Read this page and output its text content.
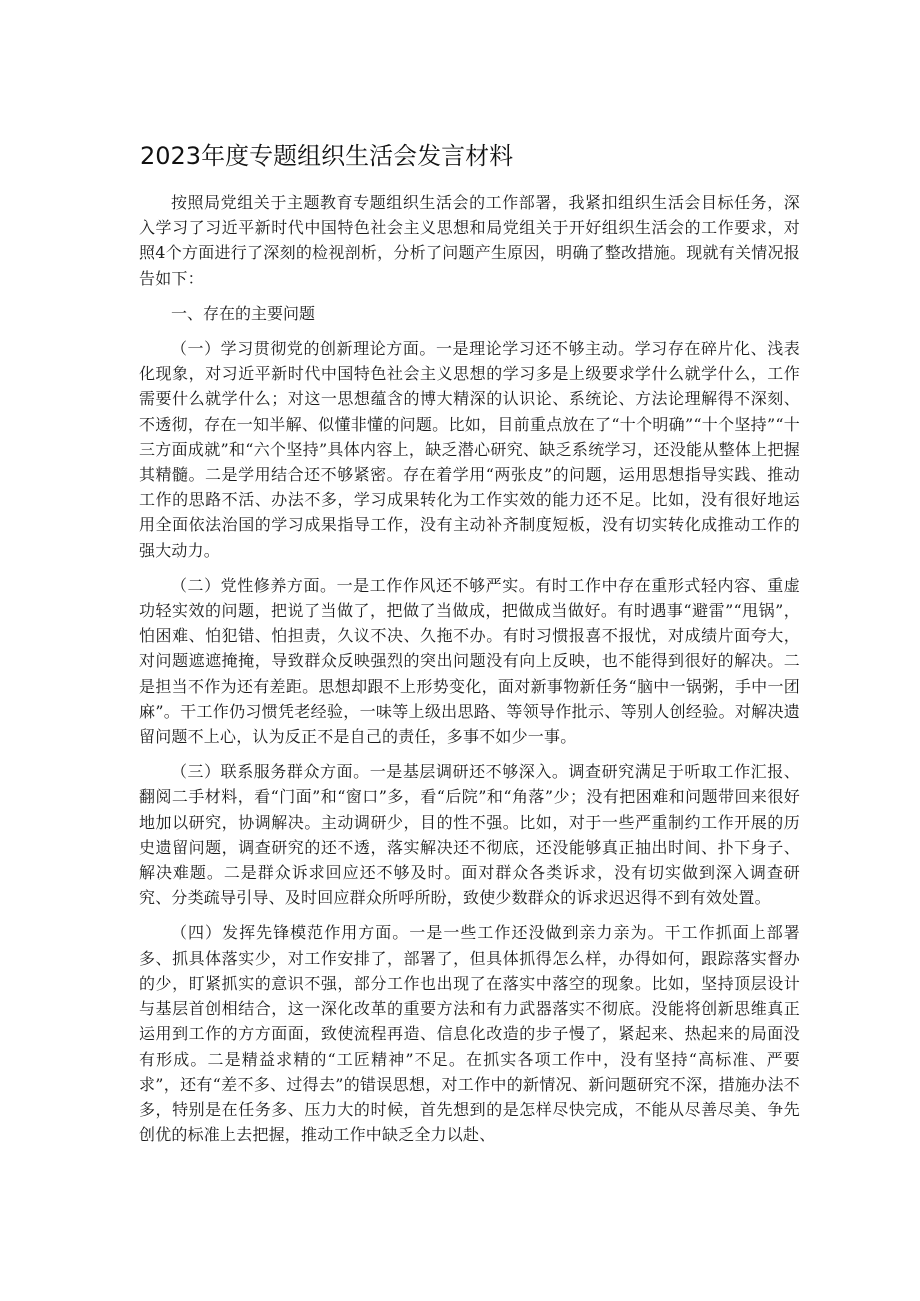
2023年度专题组织生活会发言材料

按照局党组关于主题教育专题组织生活会的工作部署，我紧扣组织生活会目标任务，深入学习了习近平新时代中国特色社会主义思想和局党组关于开好组织生活会的工作要求，对照4个方面进行了深刻的检视剖析，分析了问题产生原因，明确了整改措施。现就有关情况报告如下：

一、存在的主要问题

（一）学习贯彻党的创新理论方面。一是理论学习还不够主动。学习存在碎片化、浅表化现象，对习近平新时代中国特色社会主义思想的学习多是上级要求学什么就学什么，工作需要什么就学什么；对这一思想蕴含的博大精深的认识论、系统论、方法论理解得不深刻、不透彻，存在一知半解、似懂非懂的问题。比如，目前重点放在了“十个明确”“十个坚持”“十三方面成就”和“六个坚持”具体内容上，缺乏潜心研究、缺乏系统学习，还没能从整体上把握其精髓。二是学用结合还不够紧密。存在着学用“两张皮”的问题，运用思想指导实践、推动工作的思路不活、办法不多，学习成果转化为工作实效的能力还不足。比如，没有很好地运用全面依法治国的学习成果指导工作，没有主动补齐制度短板，没有切实转化成推动工作的强大动力。

（二）党性修养方面。一是工作作风还不够严实。有时工作中存在重形式轻内容、重虚功轻实效的问题，把说了当做了，把做了当做成，把做成当做好。有时遇事“避雷”“甩锅”，怕困难、怕犯错、怕担责，久议不决、久拖不办。有时习惯报喜不报忧，对成绩片面夸大，对问题遮遮掩掩，导致群众反映强烈的突出问题没有向上反映，也不能得到很好的解决。二是担当不作为还有差距。思想却跟不上形势变化，面对新事物新任务“脑中一锅粥，手中一团麻”。干工作仍习惯凭老经验，一味等上级出思路、等领导作批示、等别人创经验。对解决遗留问题不上心，认为反正不是自己的责任，多事不如少一事。

（三）联系服务群众方面。一是基层调研还不够深入。调查研究满足于听取工作汇报、翻阅二手材料，看“门面”和“窗口”多，看“后院”和“角落”少；没有把困难和问题带回来很好地加以研究，协调解决。主动调研少，目的性不强。比如，对于一些严重制约工作开展的历史遗留问题，调查研究的还不透，落实解决还不彻底，还没能够真正抽出时间、扑下身子、解决难题。二是群众诉求回应还不够及时。面对群众各类诉求，没有切实做到深入调查研究、分类疏导引导、及时回应群众所呼所盼，致使少数群众的诉求迟迟得不到有效处置。

（四）发挥先锋模范作用方面。一是一些工作还没做到亲力亲为。干工作抓面上部署多、抓具体落实少，对工作安排了，部署了，但具体抓得怎么样，办得如何，跟踪落实督办的少，盯紧抓实的意识不强，部分工作也出现了在落实中落空的现象。比如，坚持顶层设计与基层首创相结合，这一深化改革的重要方法和有力武器落实不彻底。没能将创新思维真正运用到工作的方方面面，致使流程再造、信息化改造的步子慢了，紧起来、热起来的局面没有形成。二是精益求精的“工匠精神”不足。在抓实各项工作中，没有坚持“高标准、严要求”，还有“差不多、过得去”的错误思想，对工作中的新情况、新问题研究不深，措施办法不多，特别是在任务多、压力大的时候，首先想到的是怎样尽快完成，不能从尽善尽美、争先创优的标准上去把握，推动工作中缺乏全力以赴、
